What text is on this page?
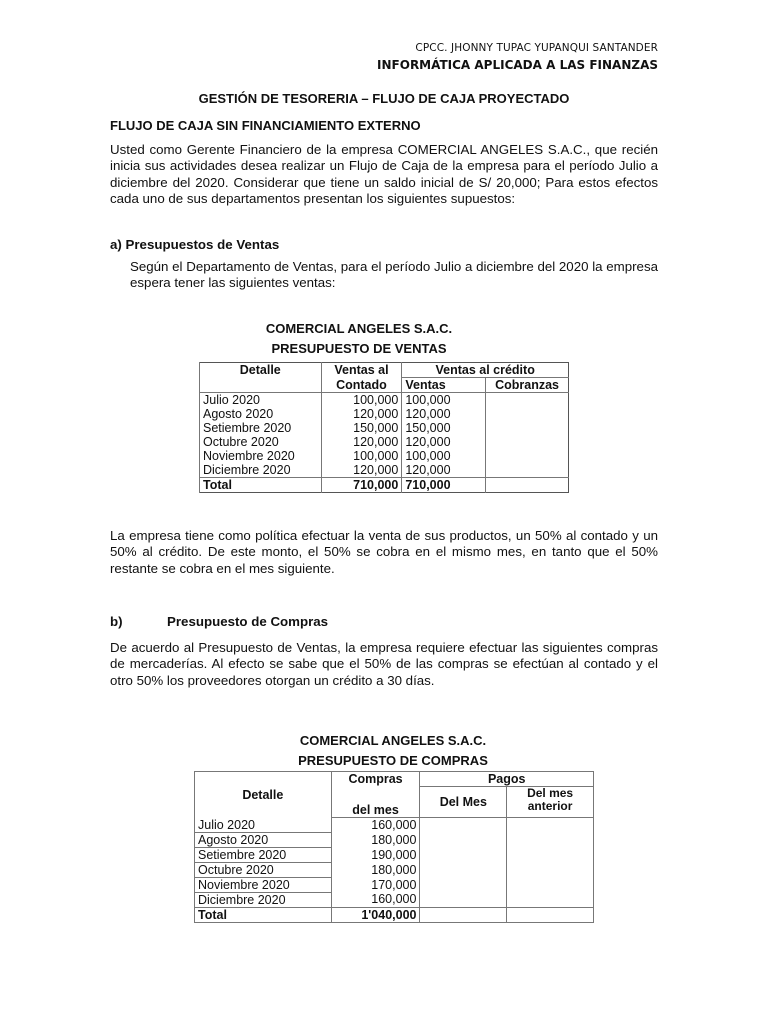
CPCC. JHONNY TUPAC YUPANQUI SANTANDER
INFORMÁTICA APLICADA A LAS FINANZAS
GESTIÓN DE TESORERIA – FLUJO DE CAJA PROYECTADO
FLUJO DE CAJA SIN FINANCIAMIENTO EXTERNO
Usted como Gerente Financiero de la empresa COMERCIAL ANGELES S.A.C., que recién inicia sus actividades desea realizar un Flujo de Caja de la empresa para el período Julio a diciembre del 2020. Considerar que tiene un saldo inicial de S/ 20,000; Para estos efectos cada uno de sus departamentos presentan los siguientes supuestos:
a) Presupuestos de Ventas
Según el Departamento de Ventas, para el período Julio a diciembre del 2020 la empresa espera tener las siguientes ventas:
COMERCIAL ANGELES S.A.C.
PRESUPUESTO DE VENTAS
Detalle	Ventas al	Ventas al crédito	
	Contado	Ventas	Cobranzas
Julio 2020	100,000	100,000	
Agosto 2020	120,000	120,000	
Setiembre 2020	150,000	150,000	
Octubre 2020	120,000	120,000	
Noviembre 2020	100,000	100,000	
Diciembre 2020	120,000	120,000	
Total	710,000	710,000	
La empresa tiene como política efectuar la venta de sus productos, un 50% al contado y un 50% al crédito. De este monto, el 50% se cobra en el mismo mes, en tanto que el 50% restante se cobra en el mes siguiente.
b)	Presupuesto de Compras
De acuerdo al Presupuesto de Ventas, la empresa requiere efectuar las siguientes compras de mercaderías. Al efecto se sabe que el 50% de las compras se efectúan al contado y el otro 50% los proveedores otorgan un crédito a 30 días.
COMERCIAL ANGELES S.A.C.
PRESUPUESTO DE COMPRAS
Detalle	Compras	Pagos	
	del mes	Del Mes	Del mes anterior
Julio 2020	160,000		
Agosto 2020	180,000		
Setiembre 2020	190,000		
Octubre 2020	180,000		
Noviembre 2020	170,000		
Diciembre 2020	160,000		
Total	1'040,000		
